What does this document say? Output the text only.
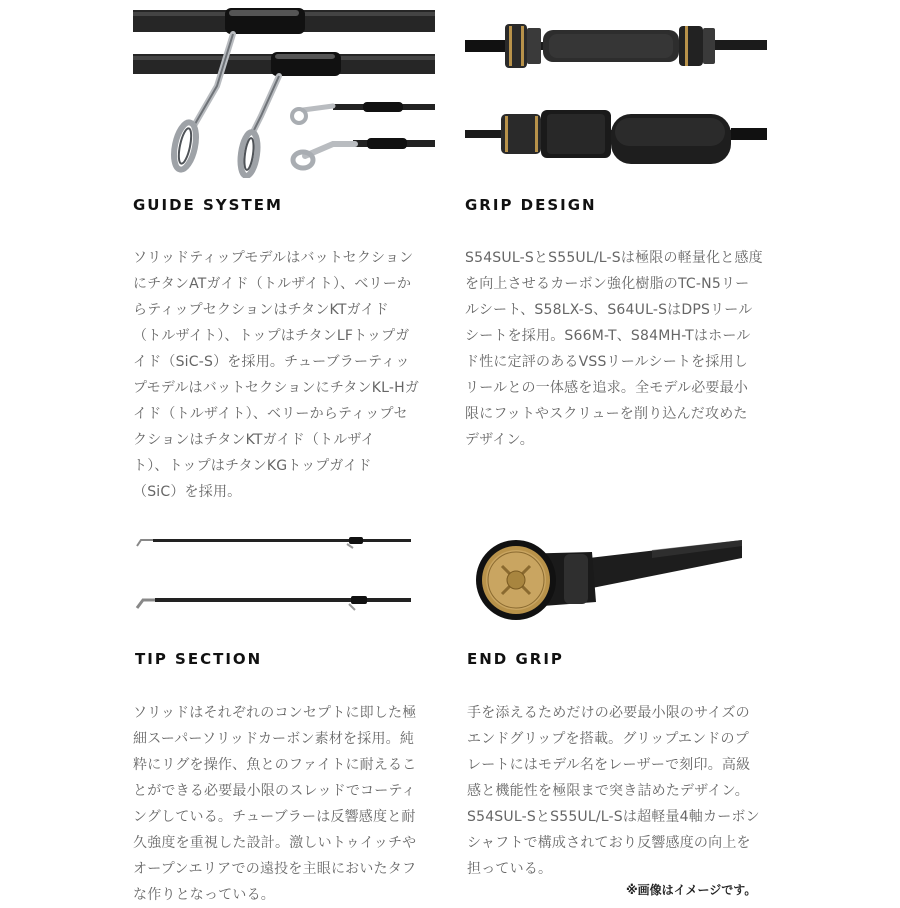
GUIDE SYSTEM

ソリッドティップモデルはバットセクション

にチタンATガイド（トルザイト）、ベリーか

らティップセクションはチタンKTガイド

（トルザイト）、トップはチタンLFトップガ

イド（SiC-S）を採用。チューブラーティッ

プモデルはバットセクションにチタンKL-Hガ

イド（トルザイト）、ベリーからティップセ

クションはチタンKTガイド（トルザイ

ト）、トップはチタンKGトップガイド

（SiC）を採用。

GRIP DESIGN

S54SUL-SとS55UL/L-Sは極限の軽量化と感度

を向上させるカーボン強化樹脂のTC-N5リー

ルシート、S58LX-S、S64UL-SはDPSリール

シートを採用。S66M-T、S84MH-Tはホール

ド性に定評のあるVSSリールシートを採用し

リールとの一体感を追求。全モデル必要最小

限にフットやスクリューを削り込んだ攻めた

デザイン。

TIP SECTION

ソリッドはそれぞれのコンセプトに即した極

細スーパーソリッドカーボン素材を採用。純

粋にリグを操作、魚とのファイトに耐えるこ

とができる必要最小限のスレッドでコーティ

ングしている。チューブラーは反響感度と耐

久強度を重視した設計。激しいトゥイッチや

オープンエリアでの遠投を主眼においたタフ

な作りとなっている。

END GRIP

手を添えるためだけの必要最小限のサイズの

エンドグリップを搭載。グリップエンドのプ

レートにはモデル名をレーザーで刻印。高級

感と機能性を極限まで突き詰めたデザイン。

S54SUL-SとS55UL/L-Sは超軽量4軸カーボン

シャフトで構成されており反響感度の向上を

担っている。

※画像はイメージです。
